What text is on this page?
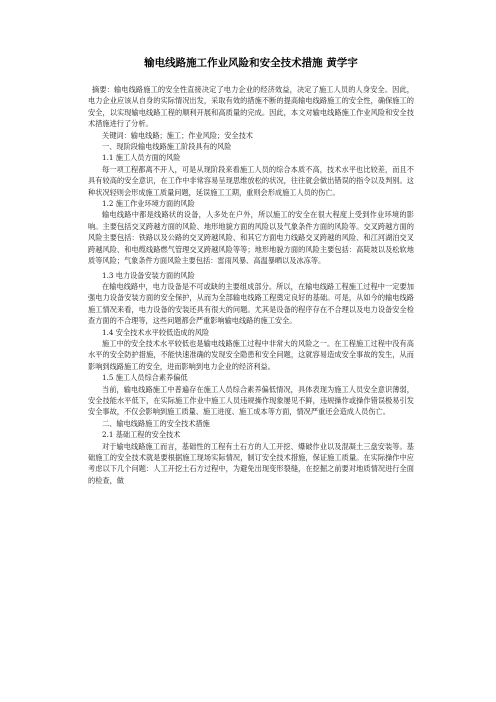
输电线路施工作业风险和安全技术措施 黄学宇

摘要：输电线路施工的安全性直接决定了电力企业的经济效益，决定了施工人员的人身安全。因此，电力企业应该从自身的实际情况出发，采取有效的措施不断的提高输电线路施工的安全性，确保施工的安全，以实现输电线路工程的顺利开展和高质量的完成。因此，本文对输电线路施工作业风险和安全技术措施进行了分析。

关键词：输电线路；施工；作业风险；安全技术

一、现阶段输电线路施工阶段具有的风险

1.1 施工人员方面的风险

每一项工程都离不开人，可是从现阶段来看施工人员的综合本质不高，技术水平也比较差，而且不具有较高的安全意识，在工作中非常容易呈现思维放松的状况，往往就会做出错误的指令以及判别。这种状况轻则会形成施工质量问题，延误施工工期，重则会形成施工人员的伤亡。

1.2 施工作业环境方面的风险

输电线路中都是线路状的设备，人多处在户外，所以施工的安全在很大程度上受到作业环境的影响。主要包括交叉跨越方面的风险、地形地貌方面的风险以及气象条件方面的风险等。交叉跨越方面的风险主要包括：铁路以及公路的交叉跨越风险、和其它方面电力线路交叉跨越的风险、和江河湖泊交叉跨越风险、和电缆线路燃气管理交叉跨越风险等等；地形地貌方面的风险主要包括：高陡坡以及松软地质等风险；气象条件方面风险主要包括：雷雨风暴、高温暴晒以及冰冻等。

1.3 电力设备安装方面的风险

在输电线路中，电力设备是不可或缺的主要组成部分。所以，在输电线路工程施工过程中一定要加强电力设备安装方面的安全保护，从而为全部输电线路工程奠定良好的基础。可是，从如今的输电线路施工情况来看，电力设备的安装还具有很大的问题。尤其是设备的程序存在不合理以及电力设备安全检查方面的不合理等，这些问题都会严重影响输电线路的施工安全。

1.4 安全技术水平较低造成的风险

施工中的安全技术水平较低也是输电线路施工过程中非常大的风险之一。在工程施工过程中没有高水平的安全防护措施，不能快速准确的发现安全隐患和安全问题，这就容易造成安全事故的发生，从而影响到线路施工的安全，进而影响到电力企业的经济利益。

1.5 施工人员综合素养偏低

当前，输电线路施工中普遍存在施工人员综合素养偏低情况，具体表现为施工人员安全意识薄弱，安全技能水平低下，在实际施工作业中施工人员违规操作现象屡见不鲜，违规操作或操作错误极易引发安全事故，不仅会影响到施工质量、施工进度、施工成本等方面，情况严重还会造成人员伤亡。

二、输电线路施工的安全技术措施

2.1 基础工程的安全技术

对于输电线路施工而言，基础性的工程有土石方的人工开挖、爆破作业以及混凝土三盘安装等。基础施工的安全技术就是要根据施工现场实际情况，制订安全技术措施，保证施工质量。在实际操作中应考虑以下几个问题：人工开挖土石方过程中，为避免出现变形裂缝，在挖掘之前要对地质情况进行全面的检查，做
